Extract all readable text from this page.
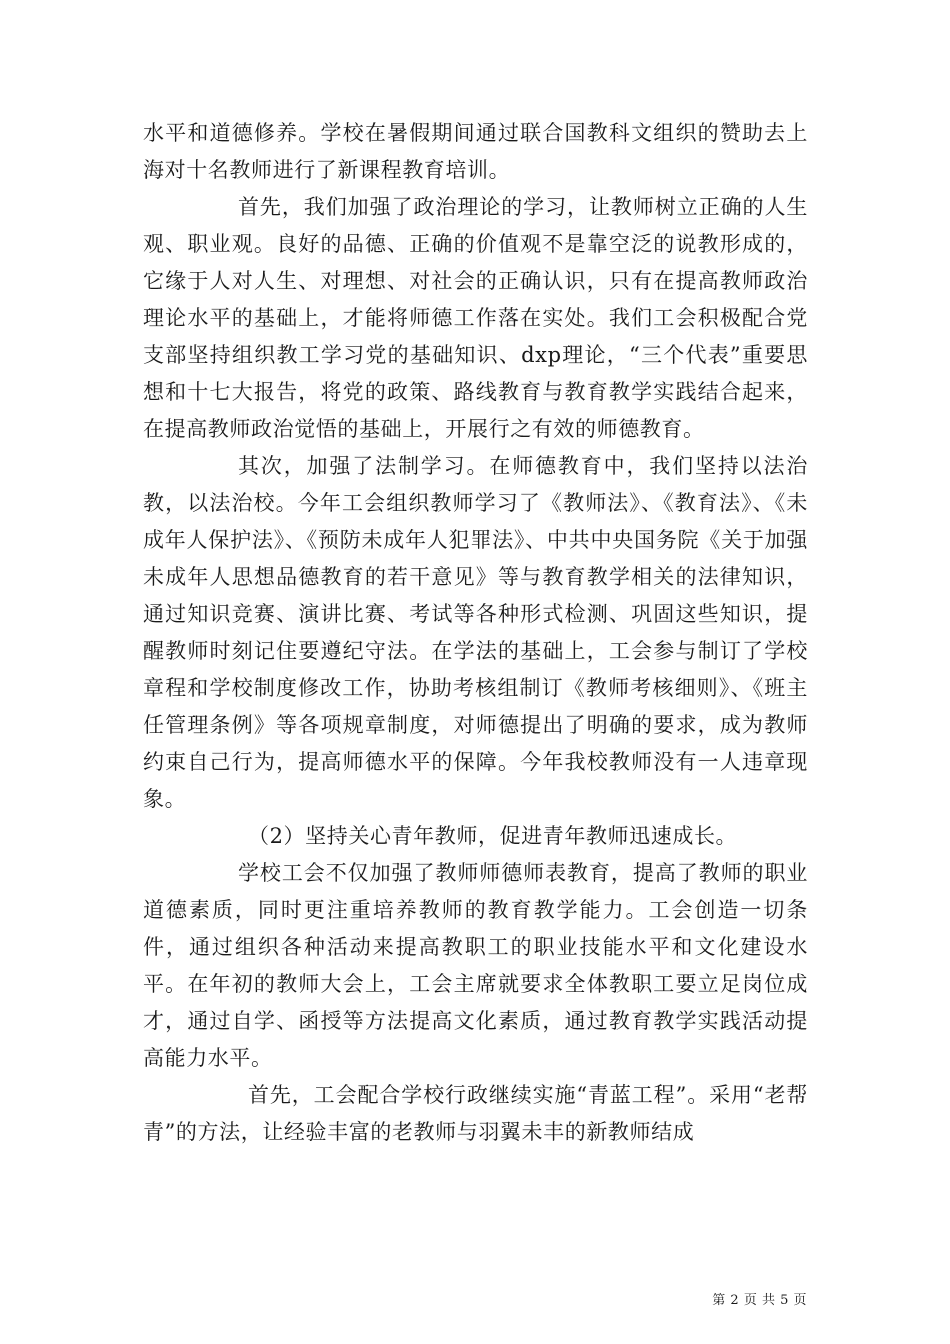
水平和道德修养。学校在暑假期间通过联合国教科文组织的赞助去上海对十名教师进行了新课程教育培训。

首先，我们加强了政治理论的学习，让教师树立正确的人生观、职业观。良好的品德、正确的价值观不是靠空泛的说教形成的，它缘于人对人生、对理想、对社会的正确认识，只有在提高教师政治理论水平的基础上，才能将师德工作落在实处。我们工会积极配合党支部坚持组织教工学习党的基础知识、dxp理论，“三个代表”重要思想和十七大报告，将党的政策、路线教育与教育教学实践结合起来，在提高教师政治觉悟的基础上，开展行之有效的师德教育。

其次，加强了法制学习。在师德教育中，我们坚持以法治教，以法治校。今年工会组织教师学习了《教师法》、《教育法》、《未成年人保护法》、《预防未成年人犯罪法》、中共中央国务院《关于加强未成年人思想品德教育的若干意见》等与教育教学相关的法律知识，通过知识竞赛、演讲比赛、考试等各种形式检测、巩固这些知识，提醒教师时刻记住要遵纪守法。在学法的基础上，工会参与制订了学校章程和学校制度修改工作，协助考核组制订《教师考核细则》、《班主任管理条例》等各项规章制度，对师德提出了明确的要求，成为教师约束自己行为，提高师德水平的保障。今年我校教师没有一人违章现象。

（2）坚持关心青年教师，促进青年教师迅速成长。

学校工会不仅加强了教师师德师表教育，提高了教师的职业道德素质，同时更注重培养教师的教育教学能力。工会创造一切条件，通过组织各种活动来提高教职工的职业技能水平和文化建设水平。在年初的教师大会上，工会主席就要求全体教职工要立足岗位成才，通过自学、函授等方法提高文化素质，通过教育教学实践活动提高能力水平。

首先，工会配合学校行政继续实施“青蓝工程”。采用“老帮青”的方法，让经验丰富的老教师与羽翼未丰的新教师结成

第 2 页 共 5 页
